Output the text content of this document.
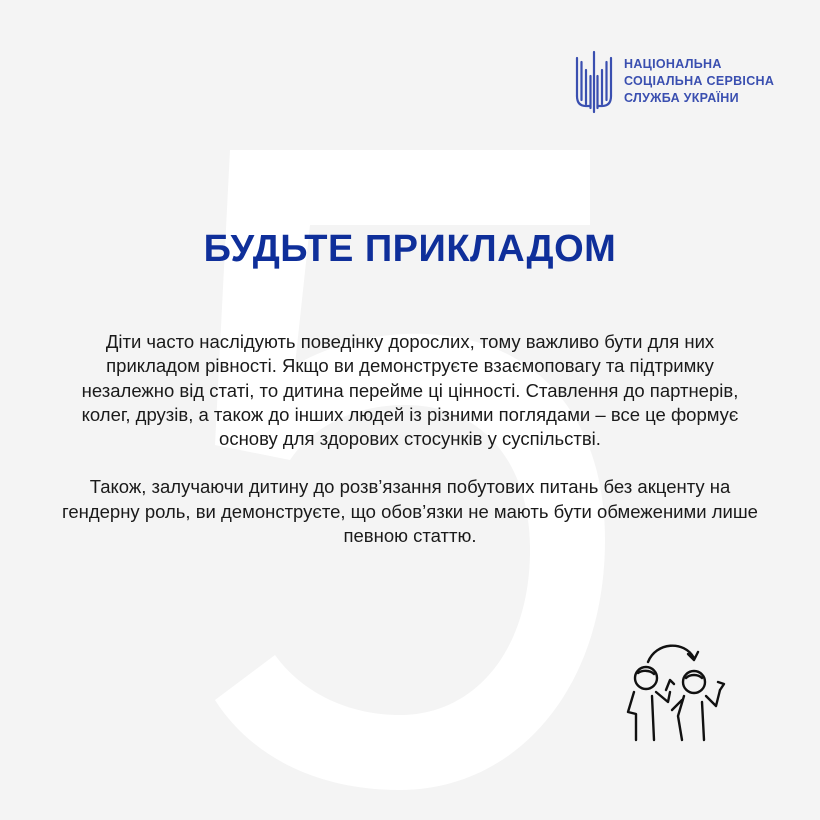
НАЦІОНАЛЬНА
СОЦІАЛЬНА СЕРВІСНА
СЛУЖБА УКРАЇНИ
БУДЬТЕ ПРИКЛАДОМ

Діти часто наслідують поведінку дорослих, тому важливо бути для них прикладом рівності. Якщо ви демонструєте взаємоповагу та підтримку незалежно від статі, то дитина перейме ці цінності. Ставлення до партнерів, колег, друзів, а також до інших людей із різними поглядами – все це формує основу для здорових стосунків у суспільстві.

Також, залучаючи дитину до розв’язання побутових питань без акценту на гендерну роль, ви демонструєте, що обов’язки не мають бути обмеженими лише певною статтю.
